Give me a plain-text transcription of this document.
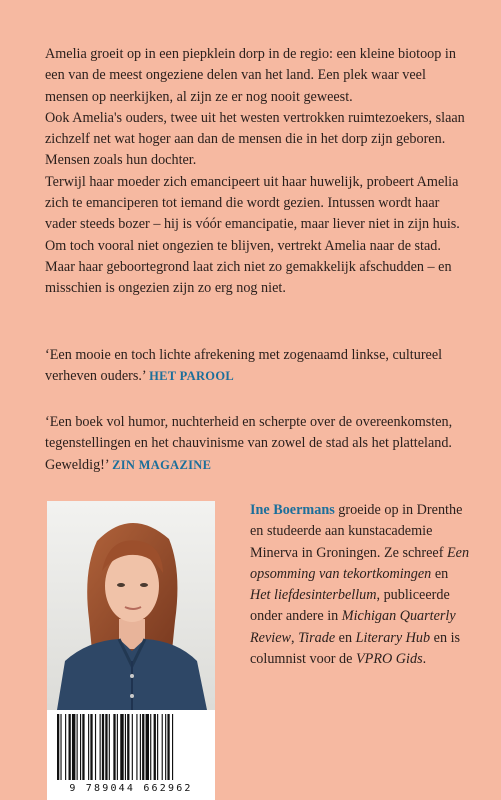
Amelia groeit op in een piepklein dorp in de regio: een kleine biotoop in een van de meest ongeziene delen van het land. Een plek waar veel mensen op neerkijken, al zijn ze er nog nooit geweest.

Ook Amelia's ouders, twee uit het westen vertrokken ruimtezoekers, slaan zichzelf net wat hoger aan dan de mensen die in het dorp zijn geboren. Mensen zoals hun dochter.

Terwijl haar moeder zich emancipeert uit haar huwelijk, probeert Amelia zich te emanciperen tot iemand die wordt gezien. Intussen wordt haar vader steeds bozer – hij is vóór emancipatie, maar liever niet in zijn huis.

Om toch vooral niet ongezien te blijven, vertrekt Amelia naar de stad. Maar haar geboortegrond laat zich niet zo gemakkelijk afschudden – en misschien is ongezien zijn zo erg nog niet.

‘Een mooie en toch lichte afrekening met zogenaamd linkse, cultureel verheven ouders.’ HET PAROOL

‘Een boek vol humor, nuchterheid en scherpte over de overeenkomsten, tegenstellingen en het chauvinisme van zowel de stad als het platteland. Geweldig!’ ZIN MAGAZINE

Ine Boermans groeide op in Drenthe en studeerde aan kunstacademie Minerva in Groningen. Ze schreef Een opsomming van tekortkomingen en Het liefdesinterbellum, publiceerde onder andere in Michigan Quarterly Review, Tirade en Literary Hub en is columnist voor de VPRO Gids.
9 789044 662962
